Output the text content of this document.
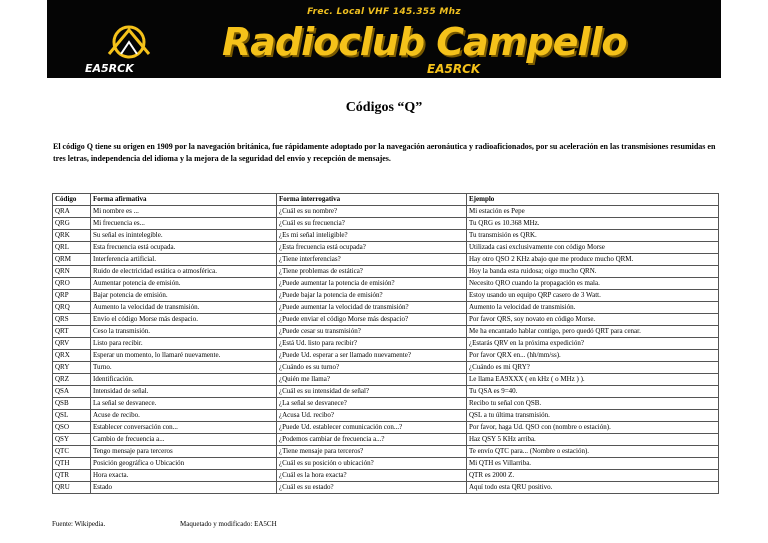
Frec. Local VHF 145.355 Mhz
Radioclub Campello
EA5RCK	EA5RCK
Códigos “Q”
El código Q tiene su origen en 1909 por la navegación británica, fue rápidamente adoptado por la navegación aeronáutica y radioaficionados, por su aceleración en las transmisiones resumidas en tres letras, independencia del idioma y la mejora de la seguridad del envío y recepción de mensajes.
Código	Forma afirmativa	Forma interrogativa	Ejemplo
QRA	Mi nombre es ...	¿Cuál es su nombre?	Mi estación es Pepe
QRG	Mi frecuencia es...	¿Cuál es su frecuencia?	Tu QRG es 10.368 MHz.
QRK	Su señal es inintelegible.	¿Es mi señal inteligible?	Tu transmisión es QRK.
QRL	Esta frecuencia está ocupada.	¿Esta frecuencia está ocupada?	Utilizada casi exclusivamente con código Morse
QRM	Interferencia artificial.	¿Tiene interferencias?	Hay otro QSO 2 KHz abajo que me produce mucho QRM.
QRN	Ruido de electricidad estática o atmosférica.	¿Tiene problemas de estática?	Hoy la banda esta ruidosa; oigo mucho QRN.
QRO	Aumentar potencia de emisión.	¿Puede aumentar la potencia de emisión?	Necesito QRO cuando la propagación es mala.
QRP	Bajar potencia de emisión.	¿Puede bajar la potencia de emisión?	Estoy usando un equipo QRP casero de 3 Watt.
QRQ	Aumento la velocidad de transmisión.	¿Puede aumentar la velocidad de transmisión?	Aumento la velocidad de transmisión.
QRS	Envío el código Morse más despacio.	¿Puede enviar el código Morse más despacio?	Por favor QRS, soy novato en código Morse.
QRT	Ceso la transmisión.	¿Puede cesar su transmisión?	Me ha encantado hablar contigo, pero quedó QRT para cenar.
QRV	Listo para recibir.	¿Está Ud. listo para recibir?	¿Estarás QRV en la próxima expedición?
QRX	Esperar un momento, lo llamaré nuevamente.	¿Puede Ud. esperar a ser llamado nuevamente?	Por favor QRX en... (hh/mm/ss).
QRY	Turno.	¿Cuándo es su turno?	¿Cuándo es mi QRY?
QRZ	Identificación.	¿Quién me llama?	Le llama EA9XXX ( en kHz ( o MHz ) ).
QSA	Intensidad de señal.	¿Cuál es su intensidad de señal?	Tu QSA es 9=40.
QSB	La señal se desvanece.	¿La señal se desvanece?	Recibo tu señal con QSB.
QSL	Acuse de recibo.	¿Acusa Ud. recibo?	QSL a tu última transmisión.
QSO	Establecer conversación con...	¿Puede Ud. establecer comunicación con...?	Por favor, haga Ud. QSO con (nombre o estación).
QSY	Cambio de frecuencia a...	¿Podemos cambiar de frecuencia a...?	Haz QSY 5 KHz arriba.
QTC	Tengo mensaje para terceros	¿Tiene mensaje para terceros?	Te envío QTC para... (Nombre o estación).
QTH	Posición geográfica o Ubicación	¿Cuál es su posición o ubicación?	Mi QTH es Villarriba.
QTR	Hora exacta.	¿Cuál es la hora exacta?	QTR es 2000 Z.
QRU	Estado	¿Cuál es su estado?	Aquí todo esta QRU positivo.
Fuente: Wikipedia.	Maquetado y modificado: EA5CH
